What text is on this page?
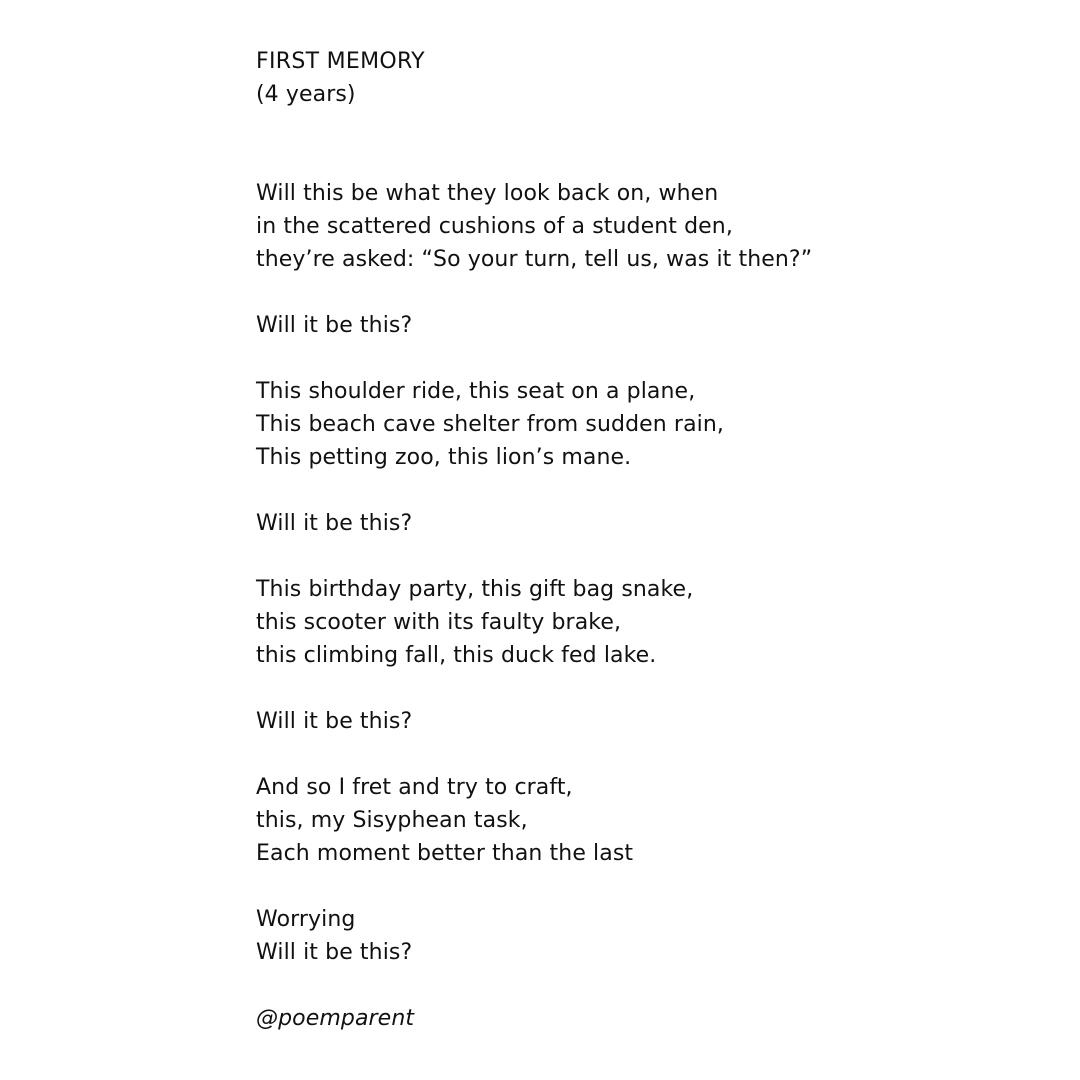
FIRST MEMORY
(4 years)
Will this be what they look back on, when
in the scattered cushions of a student den,
they’re asked: “So your turn, tell us, was it then?”
Will it be this?
This shoulder ride, this seat on a plane,
This beach cave shelter from sudden rain,
This petting zoo, this lion’s mane.
Will it be this?
This birthday party, this gift bag snake,
this scooter with its faulty brake,
this climbing fall, this duck fed lake.
Will it be this?
And so I fret and try to craft,
this, my Sisyphean task,
Each moment better than the last
Worrying
Will it be this?
@poemparent
